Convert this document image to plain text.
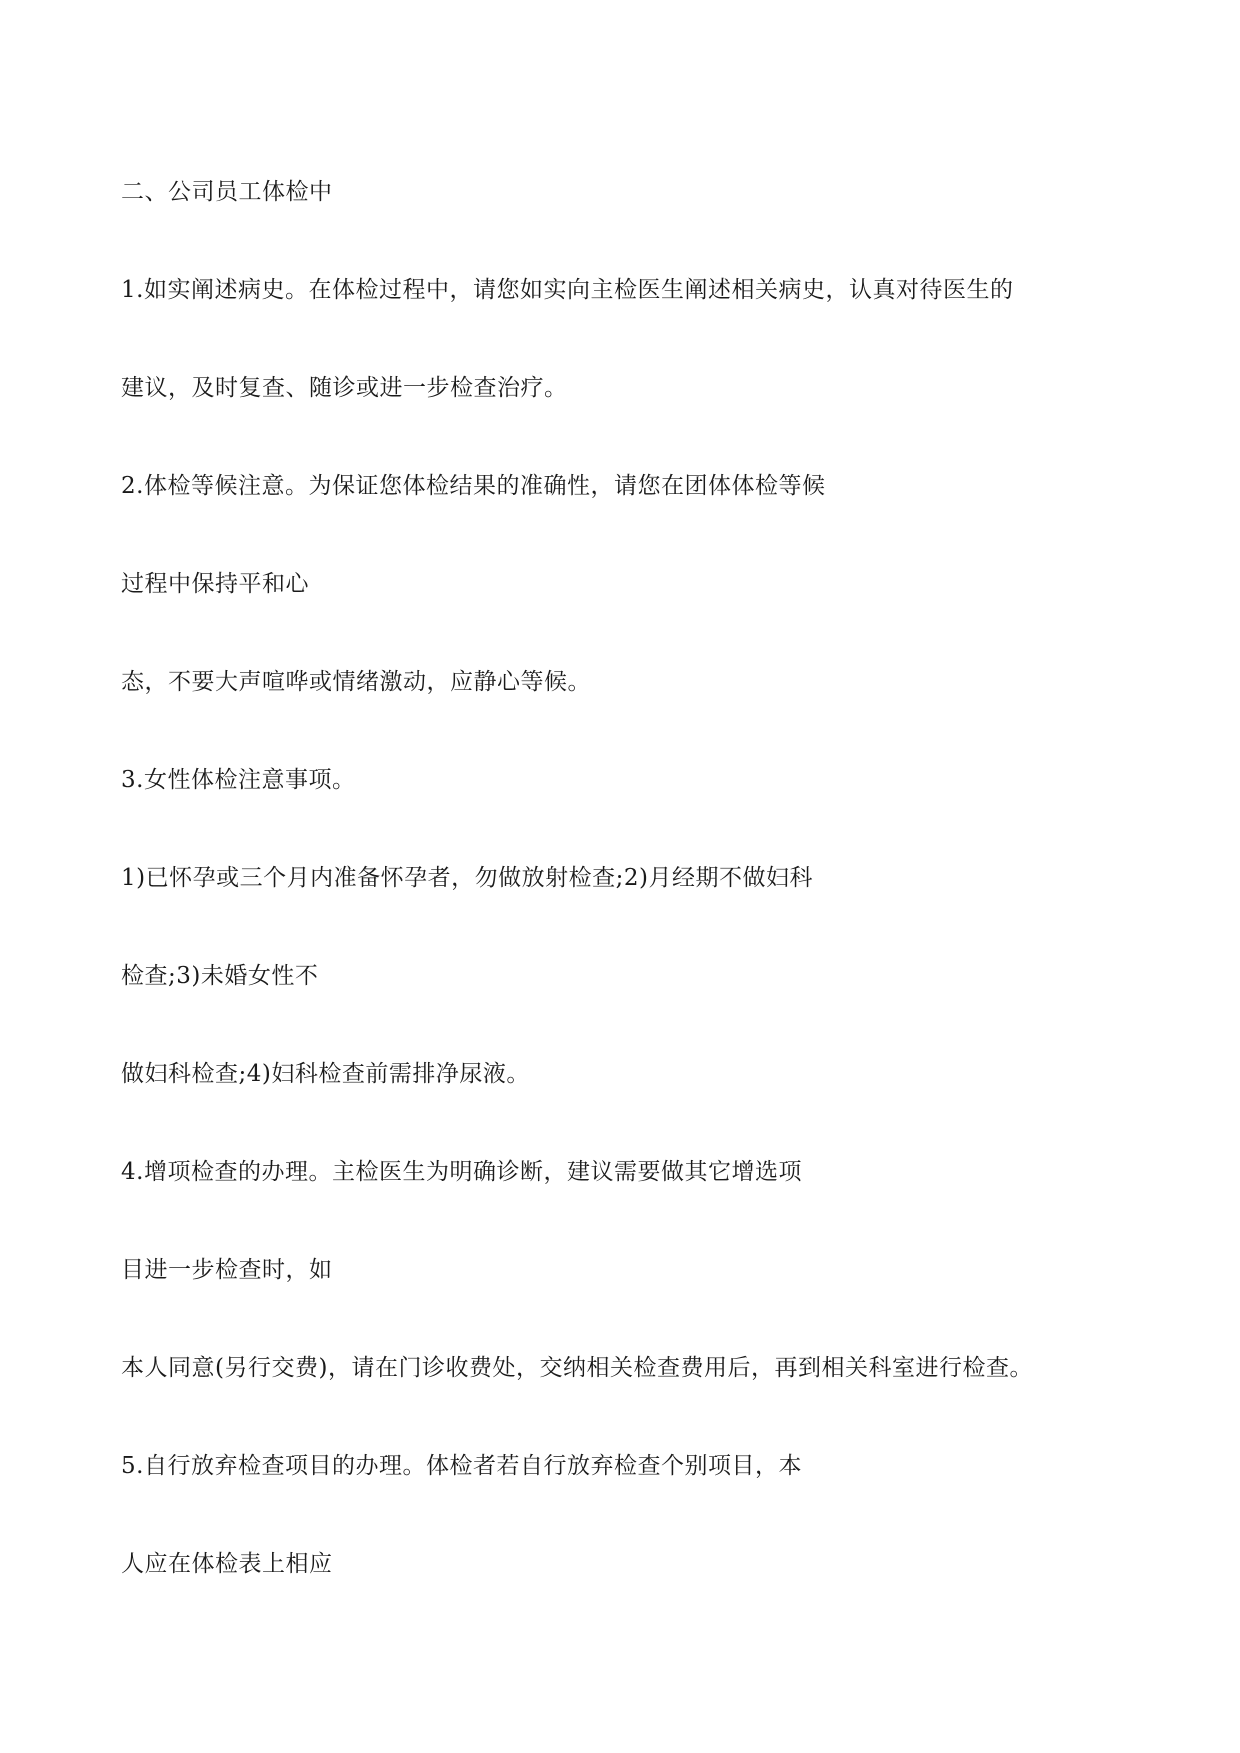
二、公司员工体检中

1.如实阐述病史。在体检过程中，请您如实向主检医生阐述相关病史，认真对待医生的

建议，及时复查、随诊或进一步检查治疗。

2.体检等候注意。为保证您体检结果的准确性，请您在团体体检等候

过程中保持平和心

态，不要大声喧哗或情绪激动，应静心等候。

3.女性体检注意事项。

1)已怀孕或三个月内准备怀孕者，勿做放射检查;2)月经期不做妇科

检查;3)未婚女性不

做妇科检查;4)妇科检查前需排净尿液。

4.增项检查的办理。主检医生为明确诊断，建议需要做其它增选项

目进一步检查时，如

本人同意(另行交费)，请在门诊收费处，交纳相关检查费用后，再到相关科室进行检查。

5.自行放弃检查项目的办理。体检者若自行放弃检查个别项目，本

人应在体检表上相应
